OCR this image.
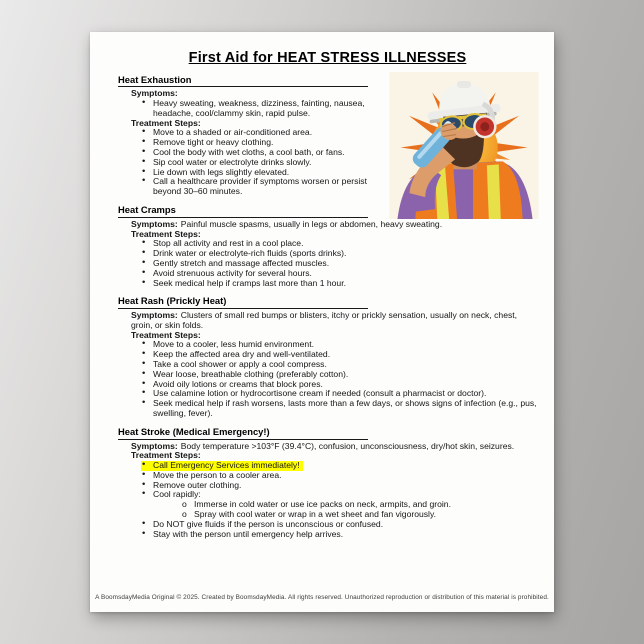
First Aid for HEAT STRESS ILLNESSES
Heat Exhaustion
Symptoms:
• Heavy sweating, weakness, dizziness, fainting, nausea, headache, cool/clammy skin, rapid pulse.
Treatment Steps:
• Move to a shaded or air-conditioned area.
• Remove tight or heavy clothing.
• Cool the body with wet cloths, a cool bath, or fans.
• Sip cool water or electrolyte drinks slowly.
• Lie down with legs slightly elevated.
• Call a healthcare provider if symptoms worsen or persist beyond 30–60 minutes.
Heat Cramps
Symptoms: Painful muscle spasms, usually in legs or abdomen, heavy sweating.
Treatment Steps:
• Stop all activity and rest in a cool place.
• Drink water or electrolyte-rich fluids (sports drinks).
• Gently stretch and massage affected muscles.
• Avoid strenuous activity for several hours.
• Seek medical help if cramps last more than 1 hour.
Heat Rash (Prickly Heat)
Symptoms: Clusters of small red bumps or blisters, itchy or prickly sensation, usually on neck, chest, groin, or skin folds.
Treatment Steps:
• Move to a cooler, less humid environment.
• Keep the affected area dry and well-ventilated.
• Take a cool shower or apply a cool compress.
• Wear loose, breathable clothing (preferably cotton).
• Avoid oily lotions or creams that block pores.
• Use calamine lotion or hydrocortisone cream if needed (consult a pharmacist or doctor).
• Seek medical help if rash worsens, lasts more than a few days, or shows signs of infection (e.g., pus, swelling, fever).
Heat Stroke (Medical Emergency!)
Symptoms: Body temperature >103°F (39.4°C), confusion, unconsciousness, dry/hot skin, seizures.
Treatment Steps:
• Call Emergency Services immediately!
• Move the person to a cooler area.
• Remove outer clothing.
• Cool rapidly:
o Immerse in cold water or use ice packs on neck, armpits, and groin.
o Spray with cool water or wrap in a wet sheet and fan vigorously.
• Do NOT give fluids if the person is unconscious or confused.
• Stay with the person until emergency help arrives.
A BoomsdayMedia Original © 2025. Created by BoomsdayMedia. All rights reserved. Unauthorized reproduction or distribution of this material is prohibited.
